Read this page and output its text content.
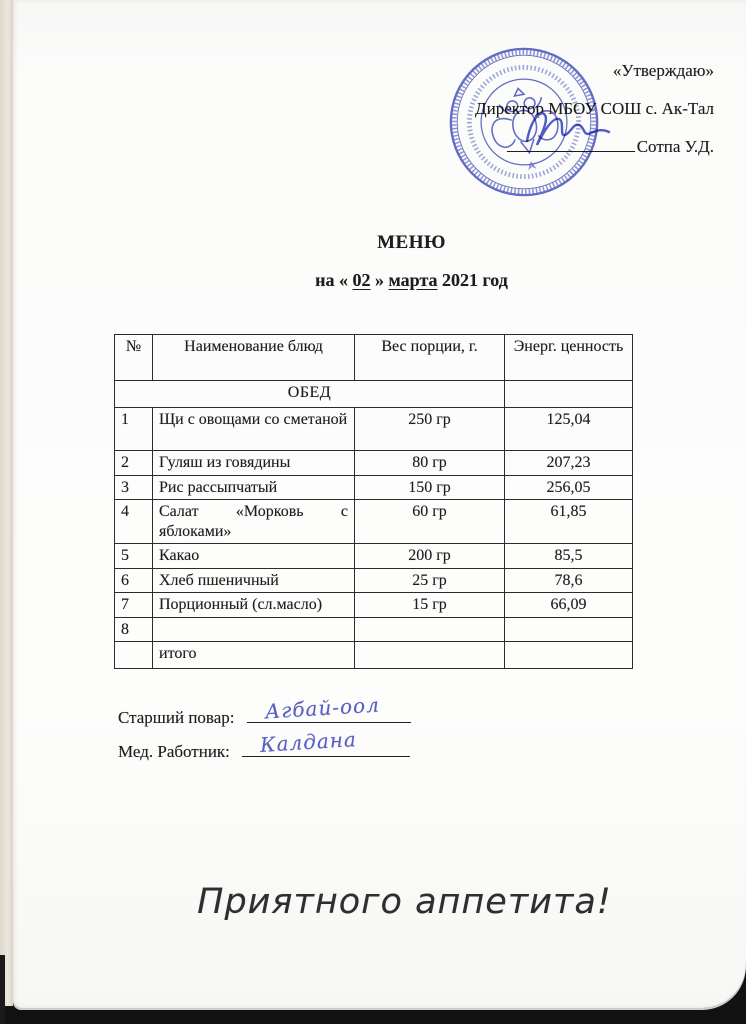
«Утверждаю»
Директор МБОУ СОШ с. Ак-Тал
Сотпа У.Д.
МЕНЮ
на « 02 » марта 2021 год
№	Наименование блюд	Вес порции, г.	Энерг. ценность
ОБЕД			
1	Щи с овощами со сметаной	250 гр	125,04
2	Гуляш из говядины	80 гр	207,23
3	Рис рассыпчатый	150 гр	256,05
4	Салат «Морковь с яблоками»	60 гр	61,85
5	Какао	200 гр	85,5
6	Хлеб пшеничный	25 гр	78,6
7	Порционный (сл.масло)	15 гр	66,09
8			
	итого		
Старший повар: Агбай-оол
Мед. Работник: Калдана
Приятного аппетита!
